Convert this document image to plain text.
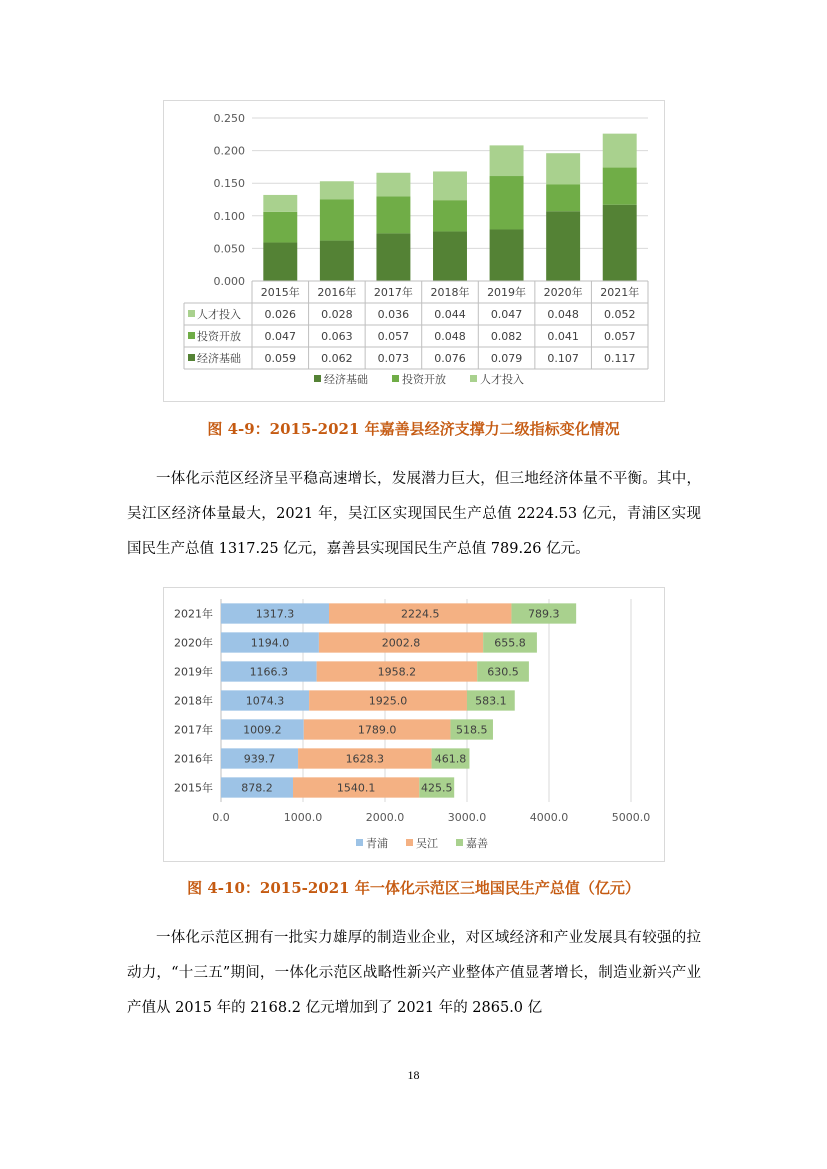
0.000
0.050
0.100
0.150
0.200
0.250
2015年 2016年 2017年 2018年 2019年 2020年 2021年
人才投入 0.026 0.028 0.036 0.044 0.047 0.048 0.052
投资开放 0.047 0.063 0.057 0.048 0.082 0.041 0.057
经济基础 0.059 0.062 0.073 0.076 0.079 0.107 0.117
经济基础	投资开放	人才投入
图 4-9：2015-2021 年嘉善县经济支撑力二级指标变化情况

一体化示范区经济呈平稳高速增长，发展潜力巨大，但三地经济体量不平衡。其中，吴江区经济体量最大，2021 年，吴江区实现国民生产总值 2224.53 亿元，青浦区实现国民生产总值 1317.25 亿元，嘉善县实现国民生产总值 789.26 亿元。

0.0	1000.0	2000.0	3000.0	4000.0	5000.0
2021年	1317.3	2224.5	789.3
2020年	1194.0	2002.8	655.8
2019年	1166.3	1958.2	630.5
2018年	1074.3	1925.0	583.1
2017年	1009.2	1789.0	518.5
2016年	939.7	1628.3	461.8
2015年	878.2	1540.1	425.5
青浦	吴江	嘉善
图 4-10：2015-2021 年一体化示范区三地国民生产总值（亿元）

一体化示范区拥有一批实力雄厚的制造业企业，对区域经济和产业发展具有较强的拉动力，“十三五”期间，一体化示范区战略性新兴产业整体产值显著增长，制造业新兴产业产值从 2015 年的 2168.2 亿元增加到了 2021 年的 2865.0 亿

18
